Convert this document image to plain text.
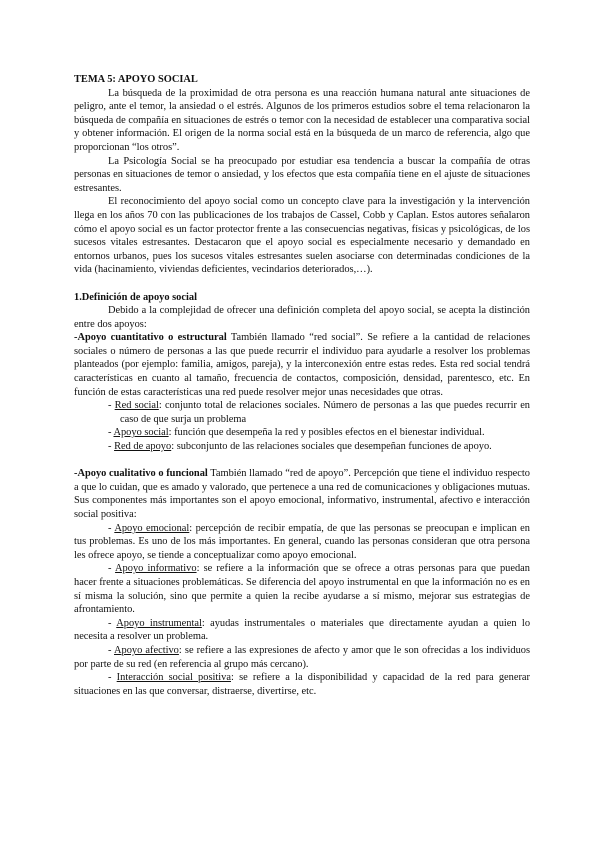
TEMA 5: APOYO SOCIAL

La búsqueda de la proximidad de otra persona es una reacción humana natural ante situaciones de peligro, ante el temor, la ansiedad o el estrés. Algunos de los primeros estudios sobre el tema relacionaron la búsqueda de compañía en situaciones de estrés o temor con la necesidad de establecer una comparativa social y obtener información. El origen de la norma social está en la búsqueda de un marco de referencia, algo que proporcionan “los otros”.

La Psicología Social se ha preocupado por estudiar esa tendencia a buscar la compañía de otras personas en situaciones de temor o ansiedad, y los efectos que esta compañía tiene en el ajuste de situaciones estresantes.

El reconocimiento del apoyo social como un concepto clave para la investigación y la intervención llega en los años 70 con las publicaciones de los trabajos de Cassel, Cobb y Caplan. Estos autores señalaron cómo el apoyo social es un factor protector frente a las consecuencias negativas, físicas y psicológicas, de los sucesos vitales estresantes. Destacaron que el apoyo social es especialmente necesario y demandado en entornos urbanos, pues los sucesos vitales estresantes suelen asociarse con determinadas condiciones de la vida (hacinamiento, viviendas deficientes, vecindarios deteriorados,…).

1.Definición de apoyo social

Debido a la complejidad de ofrecer una definición completa del apoyo social, se acepta la distinción entre dos apoyos:

-Apoyo cuantitativo o estructural También llamado “red social”. Se refiere a la cantidad de relaciones sociales o número de personas a las que puede recurrir el individuo para ayudarle a resolver los problemas planteados (por ejemplo: familia, amigos, pareja), y la interconexión entre estas redes. Esta red social tendrá características en cuanto al tamaño, frecuencia de contactos, composición, densidad, parentesco, etc. En función de estas características una red puede resolver mejor unas necesidades que otras.

- Red social: conjunto total de relaciones sociales. Número de personas a las que puedes recurrir en caso de que surja un problema

- Apoyo social: función que desempeña la red y posibles efectos en el bienestar individual.

- Red de apoyo: subconjunto de las relaciones sociales que desempeñan funciones de apoyo.

-Apoyo cualitativo o funcional También llamado “red de apoyo”. Percepción que tiene el individuo respecto a que lo cuidan, que es amado y valorado, que pertenece a una red de comunicaciones y obligaciones mutuas. Sus componentes más importantes son el apoyo emocional, informativo, instrumental, afectivo e interacción social positiva:

- Apoyo emocional: percepción de recibir empatía, de que las personas se preocupan e implican en tus problemas. Es uno de los más importantes. En general, cuando las personas consideran que otra persona les ofrece apoyo, se tiende a conceptualizar como apoyo emocional.

- Apoyo informativo: se refiere a la información que se ofrece a otras personas para que puedan hacer frente a situaciones problemáticas. Se diferencia del apoyo instrumental en que la información no es en sí misma la solución, sino que permite a quien la recibe ayudarse a sí mismo, mejorar sus estrategias de afrontamiento.

- Apoyo instrumental: ayudas instrumentales o materiales que directamente ayudan a quien lo necesita a resolver un problema.

- Apoyo afectivo: se refiere a las expresiones de afecto y amor que le son ofrecidas a los individuos por parte de su red (en referencia al grupo más cercano).

- Interacción social positiva: se refiere a la disponibilidad y capacidad de la red para generar situaciones en las que conversar, distraerse, divertirse, etc.
